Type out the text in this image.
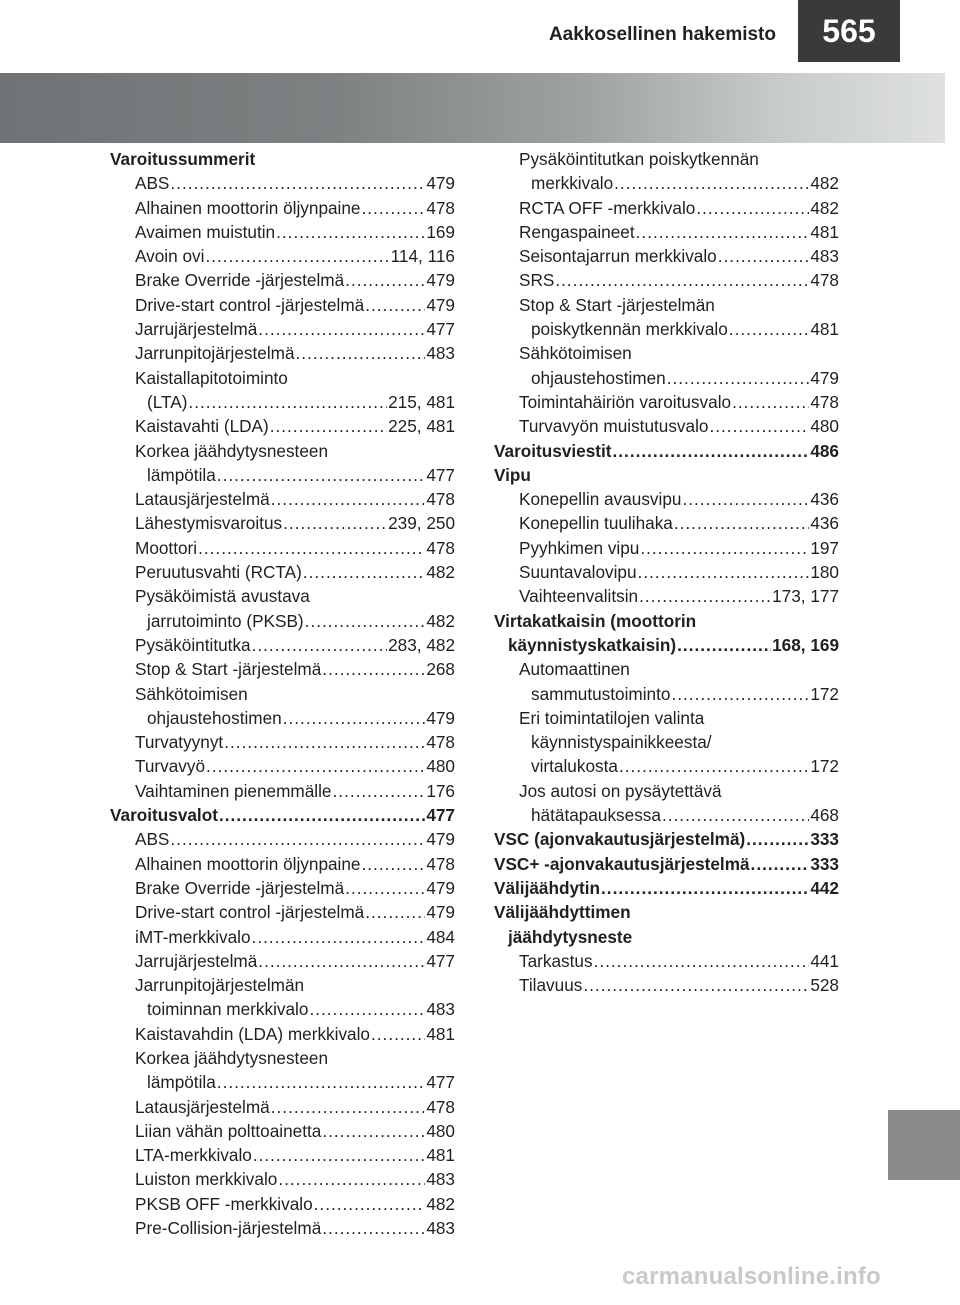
Aakkosellinen hakemisto	565
Varoitussummerit
ABS .....	479
Alhainen moottorin öljynpaine .....	478
Avaimen muistutin .....	169
Avoin ovi .....	114, 116
Brake Override -järjestelmä .....	479
Drive-start control -järjestelmä .....	479
Jarrujärjestelmä .....	477
Jarrunpitojärjestelmä .....	483
Kaistallapitotoiminto
(LTA) .....	215, 481
Kaistavahti (LDA) .....	225, 481
Korkea jäähdytysnesteen
lämpötila .....	477
Latausjärjestelmä .....	478
Lähestymisvaroitus .....	239, 250
Moottori .....	478
Peruutusvahti (RCTA) .....	482
Pysäköimistä avustava
jarrutoiminto (PKSB) .....	482
Pysäköintitutka .....	283, 482
Stop & Start -järjestelmä .....	268
Sähkötoimisen
ohjaustehostimen .....	479
Turvatyynyt .....	478
Turvavyö .....	480
Vaihtaminen pienemmälle .....	176
Varoitusvalot .....	477
ABS .....	479
Alhainen moottorin öljynpaine .....	478
Brake Override -järjestelmä .....	479
Drive-start control -järjestelmä .....	479
iMT-merkkivalo .....	484
Jarrujärjestelmä .....	477
Jarrunpitojärjestelmän
toiminnan merkkivalo .....	483
Kaistavahdin (LDA) merkkivalo .....	481
Korkea jäähdytysnesteen
lämpötila .....	477
Latausjärjestelmä .....	478
Liian vähän polttoainetta .....	480
LTA-merkkivalo .....	481
Luiston merkkivalo .....	483
PKSB OFF -merkkivalo .....	482
Pre-Collision-järjestelmä .....	483
Pysäköintitutkan poiskytkennän
merkkivalo .....	482
RCTA OFF -merkkivalo .....	482
Rengaspaineet .....	481
Seisontajarrun merkkivalo .....	483
SRS .....	478
Stop & Start -järjestelmän
poiskytkennän merkkivalo .....	481
Sähkötoimisen
ohjaustehostimen .....	479
Toimintahäiriön varoitusvalo .....	478
Turvavyön muistutusvalo .....	480
Varoitusviestit .....	486
Vipu
Konepellin avausvipu .....	436
Konepellin tuulihaka .....	436
Pyyhkimen vipu .....	197
Suuntavalovipu .....	180
Vaihteenvalitsin .....	173, 177
Virtakatkaisin (moottorin
käynnistyskatkaisin) .....	168, 169
Automaattinen
sammutustoiminto .....	172
Eri toimintatilojen valinta
käynnistyspainikkeesta/
virtalukosta .....	172
Jos autosi on pysäytettävä
hätätapauksessa .....	468
VSC (ajonvakautusjärjestelmä) .....	333
VSC+ -ajonvakautusjärjestelmä .....	333
Välijäähdytin .....	442
Välijäähdyttimen
jäähdytysneste
Tarkastus .....	441
Tilavuus .....	528
carmanualsonline.info
